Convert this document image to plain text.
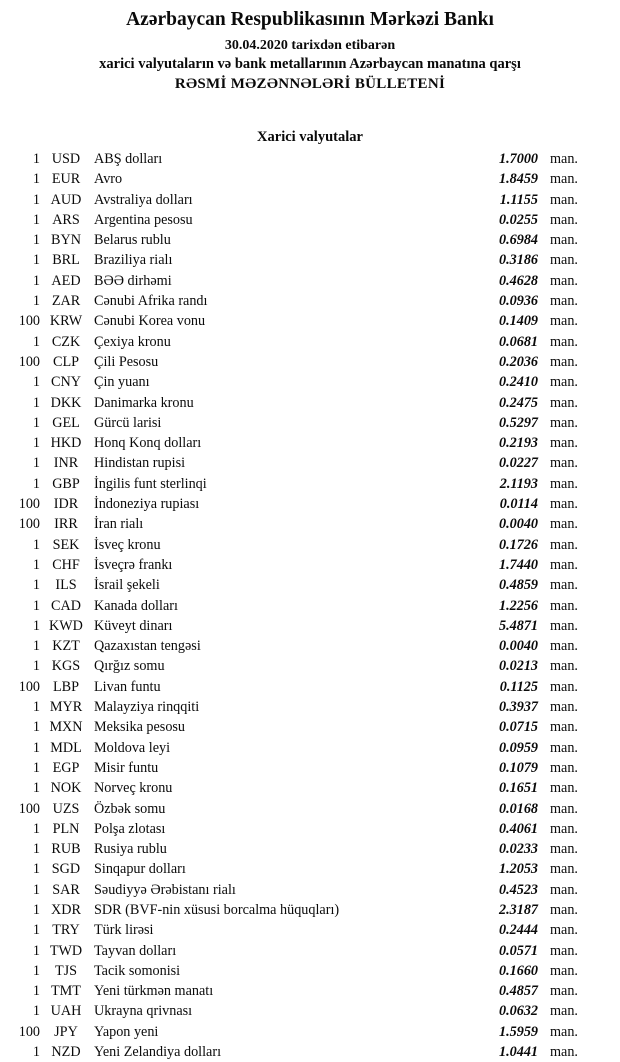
Azərbaycan Respublikasının Mərkəzi Bankı
30.04.2020 tarixdən etibarən
xarici valyutaların və bank metallarının Azərbaycan manatına qarşı
RƏSMİ MƏZƏNNƏLƏRİ BÜLLETENİ
Xarici valyutalar
1 USD ABŞ dolları	1.7000 man.
1 EUR Avro	1.8459 man.
1 AUD Avstraliya dolları	1.1155 man.
1 ARS	Argentina pesosu	0.0255 man.
1 BYN Belarus rublu	0.6984 man.
1 BRL	Braziliya rialı	0.3186 man.
1 AED BƏƏ dirhəmi	0.4628 man.
1 ZAR Cənubi Afrika randı	0.0936 man.
100 KRW Cənubi Korea vonu	0.1409 man.
1 CZK Çexiya kronu	0.0681 man.
100 CLP	Çili Pesosu	0.2036 man.
1 CNY Çin yuanı	0.2410 man.
1 DKK Danimarka kronu	0.2475 man.
1 GEL	Gürcü larisi	0.5297 man.
1 HKD Honq Konq dolları	0.2193 man.
1 INR	Hindistan rupisi	0.0227 man.
1 GBP	İngilis funt sterlinqi	2.1193 man.
100 IDR	İndoneziya rupiası	0.0114 man.
100 IRR	İran rialı	0.0040 man.
1 SEK	İsveç kronu	0.1726 man.
1 CHF	İsveçrə frankı	1.7440 man.
1	ILS	İsrail şekeli	0.4859 man.
1 CAD Kanada dolları	1.2256 man.
1 KWD Küveyt dinarı	5.4871 man.
1 KZT	Qazaxıstan tengəsi	0.0040 man.
1 KGS Qırğız somu	0.0213 man.
100 LBP	Livan funtu	0.1125 man.
1 MYR Malayziya rinqqiti	0.3937 man.
1 MXN Meksika pesosu	0.0715 man.
1 MDL Moldova leyi	0.0959 man.
1 EGP	Misir funtu	0.1079 man.
1 NOK Norveç kronu	0.1651 man.
100 UZS	Özbək somu	0.0168 man.
1 PLN	Polşa zlotası	0.4061 man.
1 RUB Rusiya rublu	0.0233 man.
1 SGD Sinqapur dolları	1.2053 man.
1 SAR	Səudiyyə Ərəbistanı rialı	0.4523 man.
1 XDR SDR (BVF-nin xüsusi borcalma hüquqları)	2.3187 man.
1 TRY	Türk lirəsi	0.2444 man.
1 TWD Tayvan dolları	0.0571 man.
1	TJS	Tacik somonisi	0.1660 man.
1 TMT Yeni türkmən manatı	0.4857 man.
1 UAH Ukrayna qrivnası	0.0632 man.
100 JPY	Yapon yeni	1.5959 man.
1 NZD Yeni Zelandiya dolları	1.0441 man.
